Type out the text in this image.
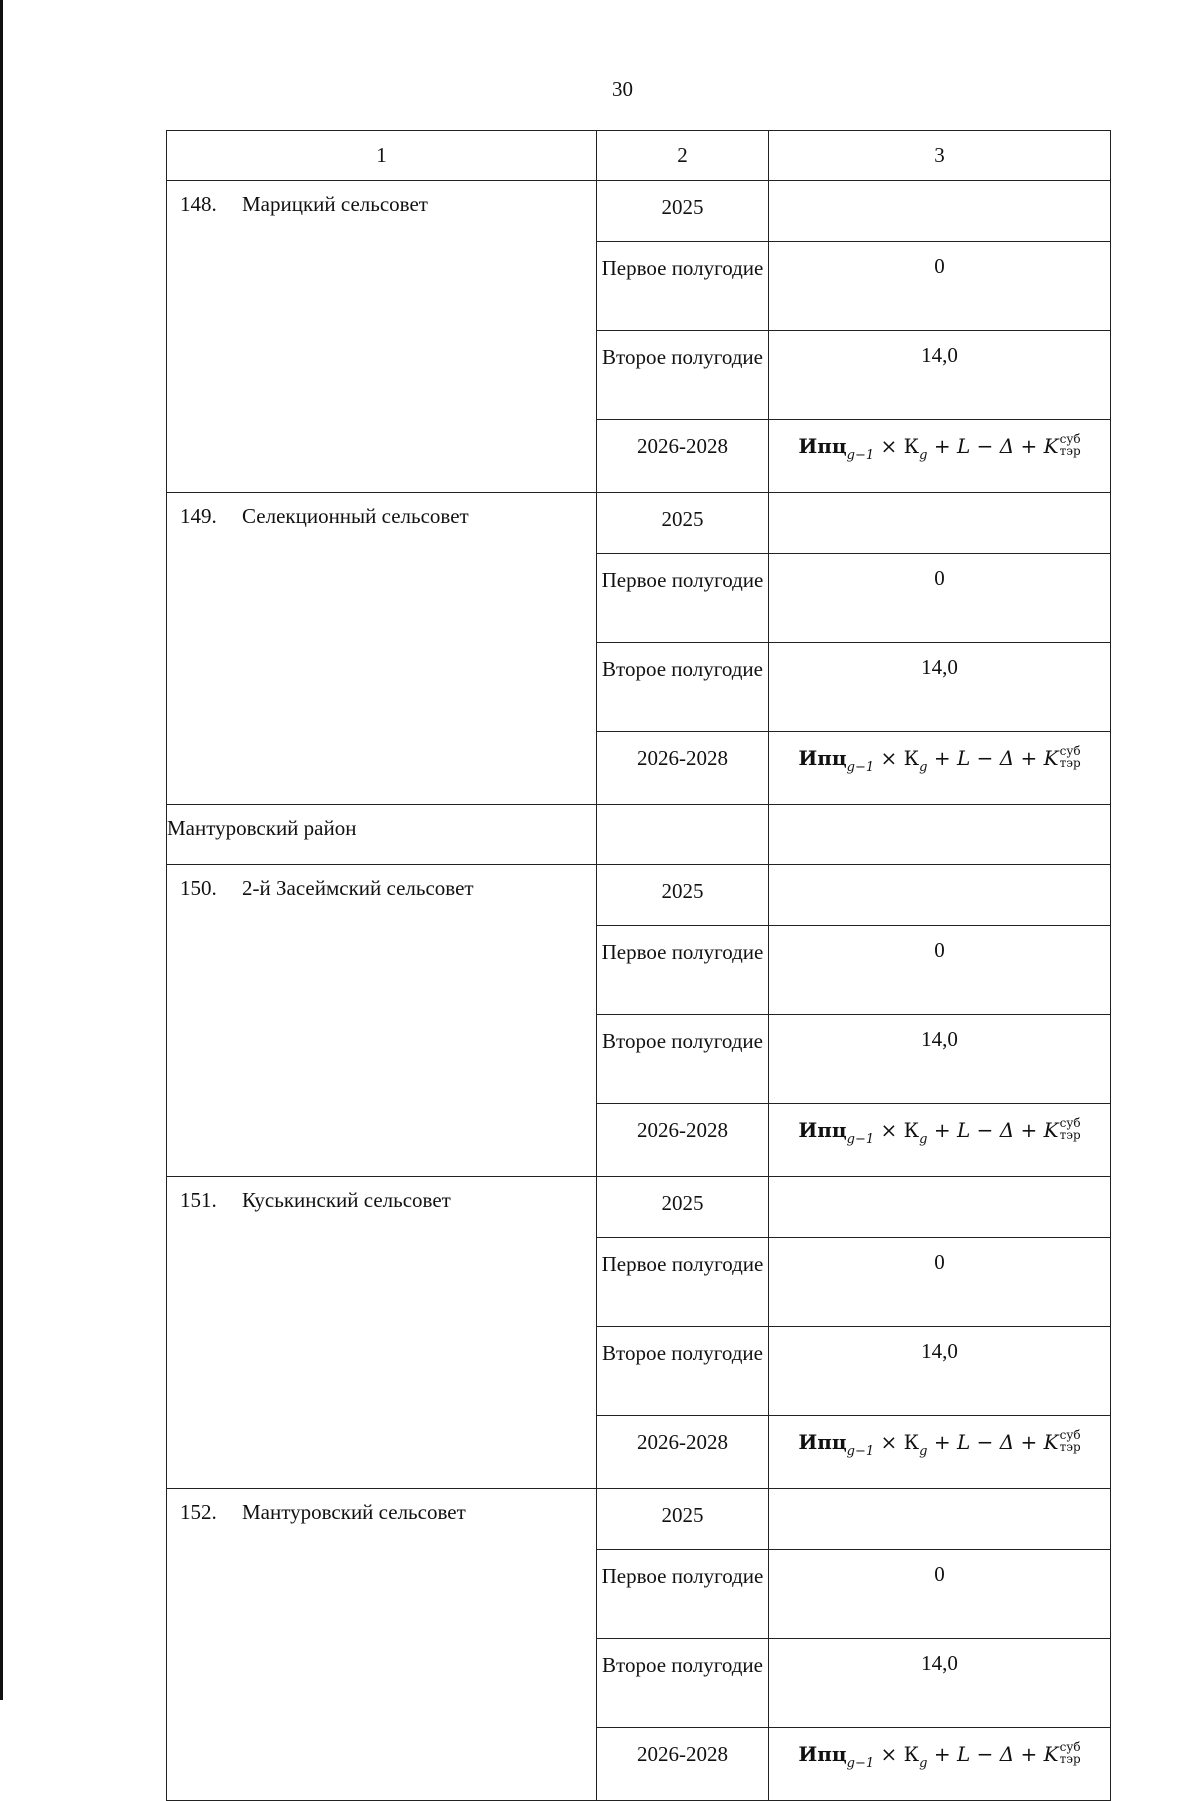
30
1	2	3
148. Марицкий сельсовет	2025	
	Первое полугодие	0
	Второе полугодие	14,0
	2026-2028	$Ипц_{g-1} \times К_g + L - \Delta + K$ суб
тэр

149. Селекционный сельсовет	2025	
	Первое полугодие	0
	Второе полугодие	14,0
	2026-2028	$Ипц_{g-1} \times К_g + L - \Delta + K$ суб
тэр

Мантуровский район		
150. 2-й Засеймский сельсовет	2025	
	Первое полугодие	0
	Второе полугодие	14,0
	2026-2028	$Ипц_{g-1} \times К_g + L - \Delta + K$ суб
тэр

151. Куськинский сельсовет	2025	
	Первое полугодие	0
	Второе полугодие	14,0
	2026-2028	$Ипц_{g-1} \times К_g + L - \Delta + K$ суб
тэр

152. Мантуровский сельсовет	2025	
	Первое полугодие	0
	Второе полугодие	14,0
	2026-2028	$Ипц_{g-1} \times К_g + L - \Delta + K$ суб
тэр
